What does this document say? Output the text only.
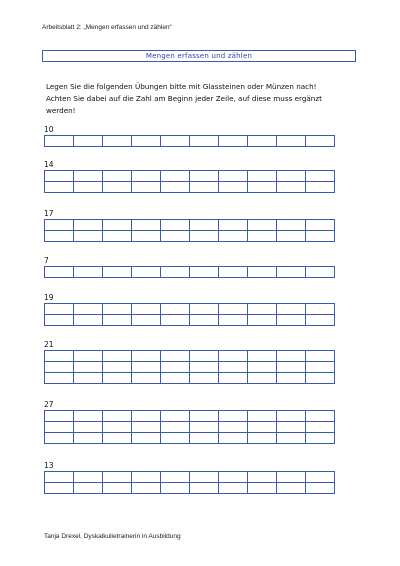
Arbeitsblatt 2: „Mengen erfassen und zählen“
Mengen erfassen und zählen
Legen Sie die folgenden Übungen bitte mit Glassteinen oder Münzen nach!
Achten Sie dabei auf die Zahl am Beginn jeder Zeile, auf diese muss ergänzt
werden!
10

14

17

7

19

21

27

13

Tanja Drexel, Dyskalkulietrainerin in Ausbildung
